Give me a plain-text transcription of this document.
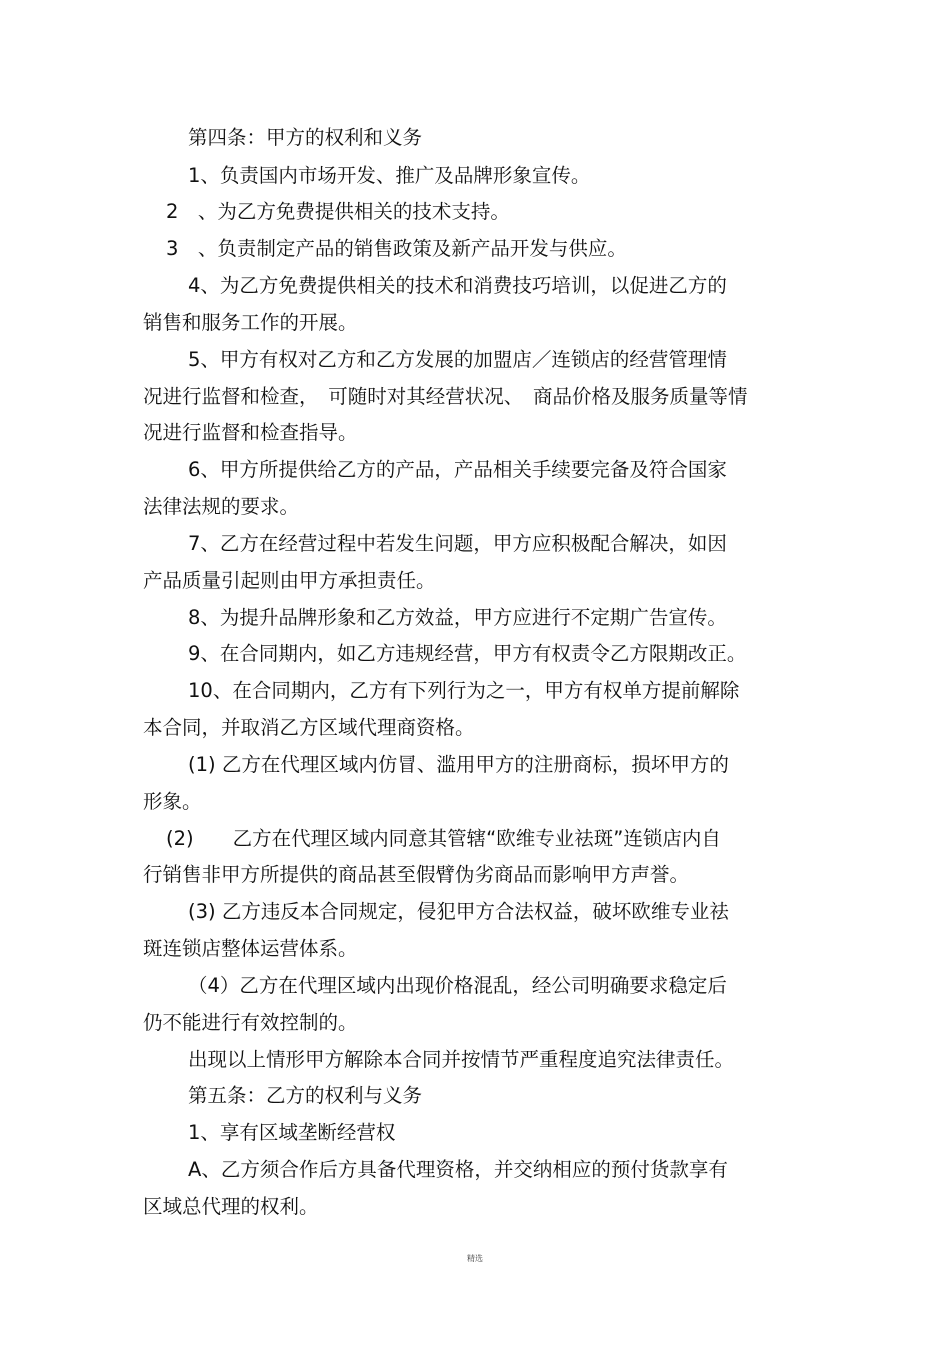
第四条：甲方的权利和义务
1、负责国内市场开发、推广及品牌形象宣传。
2　、为乙方免费提供相关的技术支持。
3　、负责制定产品的销售政策及新产品开发与供应。
4、为乙方免费提供相关的技术和消费技巧培训，以促进乙方的
销售和服务工作的开展。
5、甲方有权对乙方和乙方发展的加盟店／连锁店的经营管理情
况进行监督和检查，　可随时对其经营状况、　商品价格及服务质量等情
况进行监督和检查指导。
6、甲方所提供给乙方的产品，产品相关手续要完备及符合国家
法律法规的要求。
7、乙方在经营过程中若发生问题，甲方应积极配合解决，如因
产品质量引起则由甲方承担责任。
8、为提升品牌形象和乙方效益，甲方应进行不定期广告宣传。
9、在合同期内，如乙方违规经营，甲方有权责令乙方限期改正。
10、在合同期内，乙方有下列行为之一，甲方有权单方提前解除
本合同，并取消乙方区域代理商资格。
(1) 乙方在代理区域内仿冒、滥用甲方的注册商标，损坏甲方的
形象。
(2)　　乙方在代理区域内同意其管辖“欧维专业祛斑”连锁店内自
行销售非甲方所提供的商品甚至假臂伪劣商品而影响甲方声誉。
(3) 乙方违反本合同规定，侵犯甲方合法权益，破坏欧维专业祛
斑连锁店整体运营体系。
（4）乙方在代理区域内出现价格混乱，经公司明确要求稳定后
仍不能进行有效控制的。
出现以上情形甲方解除本合同并按情节严重程度追究法律责任。
第五条：乙方的权利与义务
1、享有区域垄断经营权
A、乙方须合作后方具备代理资格，并交纳相应的预付货款享有
区域总代理的权利。
精选
